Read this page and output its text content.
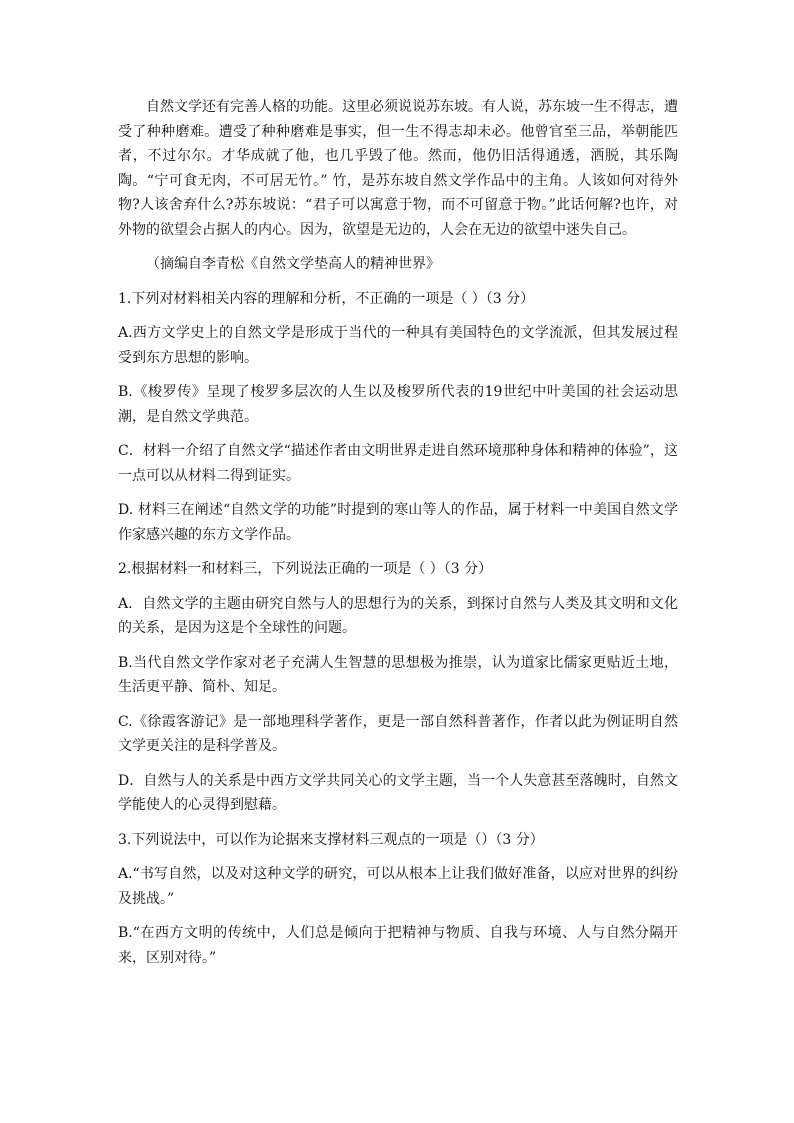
自然文学还有完善人格的功能。这里必须说说苏东坡。有人说，苏东坡一生不得志，遭受了种种磨难。遭受了种种磨难是事实，但一生不得志却未必。他曾官至三品，举朝能匹者，不过尔尔。才华成就了他，也几乎毁了他。然而，他仍旧活得通透，洒脱，其乐陶陶。“宁可食无肉，不可居无竹。” 竹，是苏东坡自然文学作品中的主角。人该如何对待外物?人该舍弃什么?苏东坡说：“君子可以寓意于物，而不可留意于物。”此话何解?也许，对外物的欲望会占据人的内心。因为，欲望是无边的，人会在无边的欲望中迷失自己。

（摘编自李青松《自然文学垫高人的精神世界》

1.下列对材料相关内容的理解和分析，不正确的一项是（ ）（3 分）

A.西方文学史上的自然文学是形成于当代的一种具有美国特色的文学流派，但其发展过程受到东方思想的影响。

B.《梭罗传》呈现了梭罗多层次的人生以及梭罗所代表的19世纪中叶美国的社会运动思潮，是自然文学典范。

C．材料一介绍了自然文学“描述作者由文明世界走进自然环境那种身体和精神的体验”，这一点可以从材料二得到证实。

D. 材料三在阐述“自然文学的功能”时提到的寒山等人的作品，属于材料一中美国自然文学作家感兴趣的东方文学作品。

2.根据材料一和材料三，下列说法正确的一项是（ ）（3 分）

A．自然文学的主题由研究自然与人的思想行为的关系，到探讨自然与人类及其文明和文化的关系，是因为这是个全球性的问题。

B.当代自然文学作家对老子充满人生智慧的思想极为推崇，认为道家比儒家更贴近土地，生活更平静、简朴、知足。

C.《徐霞客游记》是一部地理科学著作，更是一部自然科普著作，作者以此为例证明自然文学更关注的是科学普及。

D．自然与人的关系是中西方文学共同关心的文学主题，当一个人失意甚至落魄时，自然文学能使人的心灵得到慰藉。

3.下列说法中，可以作为论据来支撑材料三观点的一项是（）（3 分）

A.“书写自然，以及对这种文学的研究，可以从根本上让我们做好准备，以应对世界的纠纷及挑战。”

B.“在西方文明的传统中，人们总是倾向于把精神与物质、自我与环境、人与自然分隔开来，区别对待。”
